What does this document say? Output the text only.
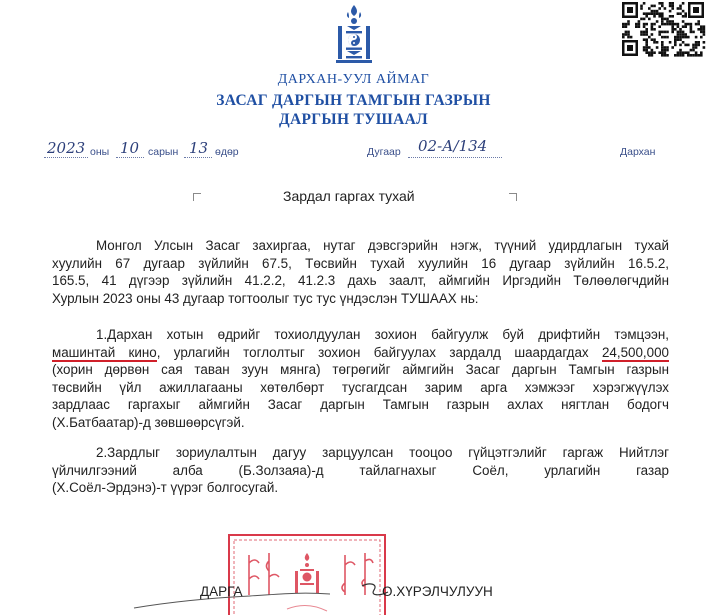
ДАРХАН-УУЛ АЙМАГ
ЗАСАГ ДАРГЫН ТАМГЫН ГАЗРЫН
ДАРГЫН ТУШААЛ
2023 оны 10 сарын 13 өдөр	Дугаар 02-А/134	Дархан
Зардал гаргах тухай
Монгол Улсын Засаг захиргаа, нутаг дэвсгэрийн нэгж, түүний удирдлагын тухай
хуулийн 67 дугаар зүйлийн 67.5, Төсвийн тухай хуулийн 16 дугаар зүйлийн 16.5.2,
165.5, 41 дүгээр зүйлийн 41.2.2, 41.2.3 дахь заалт, аймгийн Иргэдийн Төлөөлөгчдийн
Хурлын 2023 оны 43 дугаар тогтоолыг тус тус үндэслэн ТУШААХ нь:
1.Дархан хотын өдрийг тохиолдуулан зохион байгуулж буй дрифтийн тэмцээн,
машинтай кино, урлагийн тоглолтыг зохион байгуулах зардалд шаардагдах 24,500,000
(хорин дөрвөн сая таван зуун мянга) төгрөгийг аймгийн Засаг даргын Тамгын газрын
төсвийн үйл ажиллагааны хөтөлбөрт тусгагдсан зарим арга хэмжээг хэрэгжүүлэх
зардлаас гаргахыг аймгийн Засаг даргын Тамгын газрын ахлах нягтлан бодогч
(Х.Батбаатар)-д зөвшөөрсүгэй.
2.Зардлыг зориулалтын дагуу зарцуулсан тооцоо гүйцэтгэлийг гаргаж Нийтлэг
үйлчилгээний алба (Б.Золзаяа)-д тайлагнахыг Соёл, урлагийн газар
(Х.Соёл-Эрдэнэ)-т үүрэг болгосугай.
ДАРГА	О.ХҮРЭЛЧУЛУУН
